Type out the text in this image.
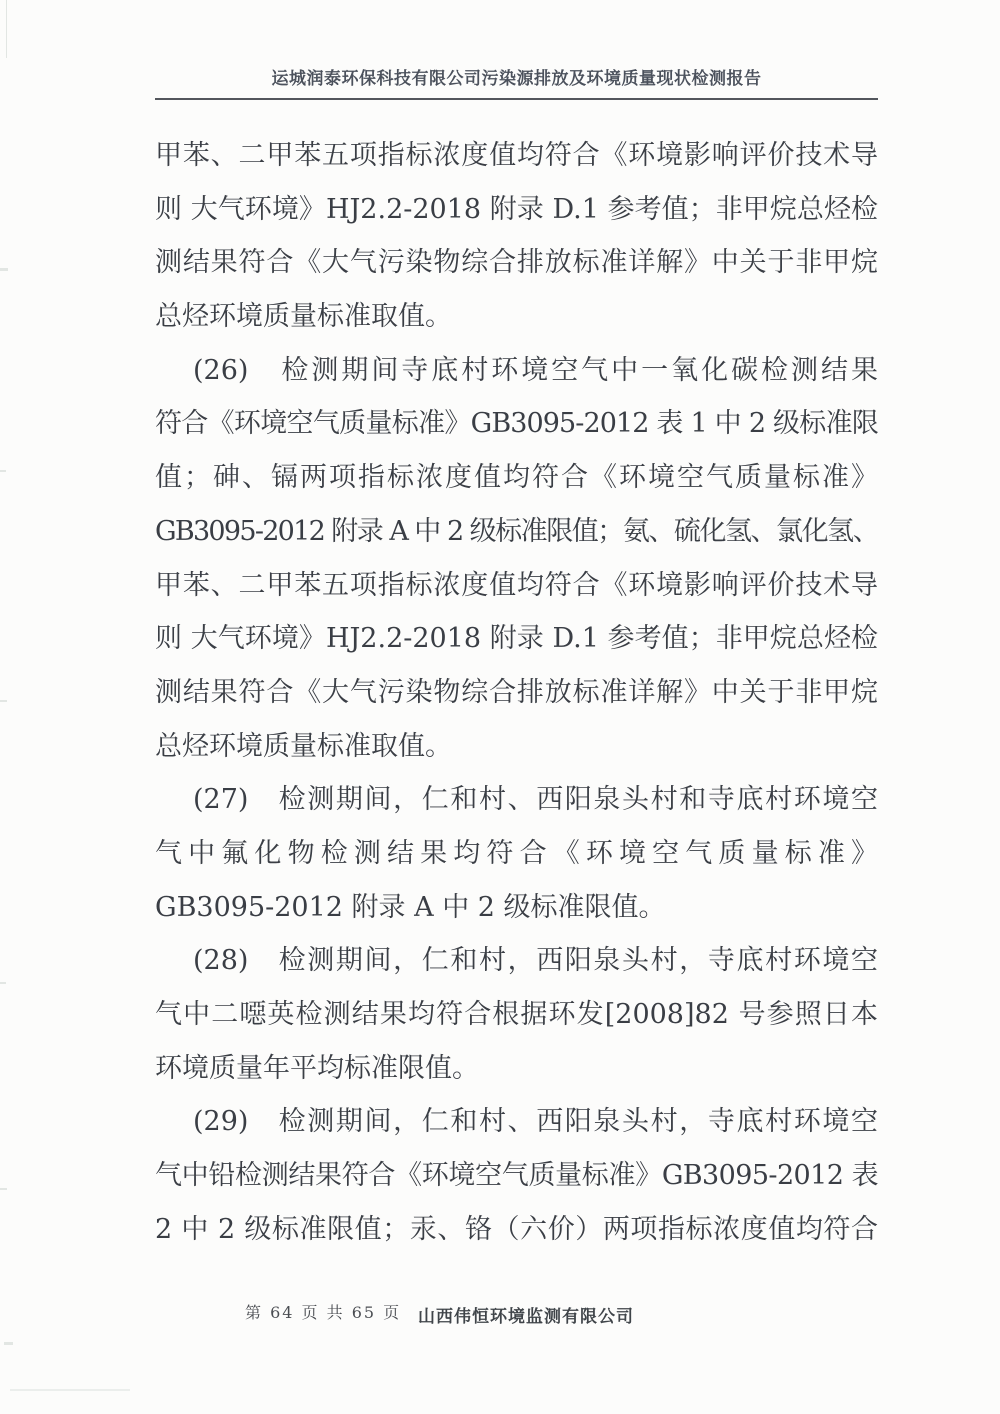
运城润泰环保科技有限公司污染源排放及环境质量现状检测报告
甲苯、二甲苯五项指标浓度值均符合《环境影响评价技术导
则 大气环境》HJ2.2-2018 附录 D.1 参考值；非甲烷总烃检
测结果符合《大气污染物综合排放标准详解》中关于非甲烷
总烃环境质量标准取值。
(26)　检测期间寺底村环境空气中一氧化碳检测结果
符合《环境空气质量标准》GB3095-2012 表 1 中 2 级标准限
值；砷、镉两项指标浓度值均符合《环境空气质量标准》
GB3095-2012 附录 A 中 2 级标准限值；氨、硫化氢、氯化氢、
甲苯、二甲苯五项指标浓度值均符合《环境影响评价技术导
则 大气环境》HJ2.2-2018 附录 D.1 参考值；非甲烷总烃检
测结果符合《大气污染物综合排放标准详解》中关于非甲烷
总烃环境质量标准取值。
(27)　检测期间，仁和村、西阳泉头村和寺底村环境空
气中氟化物检测结果均符合《环境空气质量标准》
GB3095-2012 附录 A 中 2 级标准限值。
(28)　检测期间，仁和村，西阳泉头村，寺底村环境空
气中二噁英检测结果均符合根据环发[2008]82 号参照日本
环境质量年平均标准限值。
(29)　检测期间，仁和村、西阳泉头村，寺底村环境空
气中铅检测结果符合《环境空气质量标准》GB3095-2012 表
2 中 2 级标准限值；汞、铬（六价）两项指标浓度值均符合
第 64 页 共 65 页 山西伟恒环境监测有限公司
